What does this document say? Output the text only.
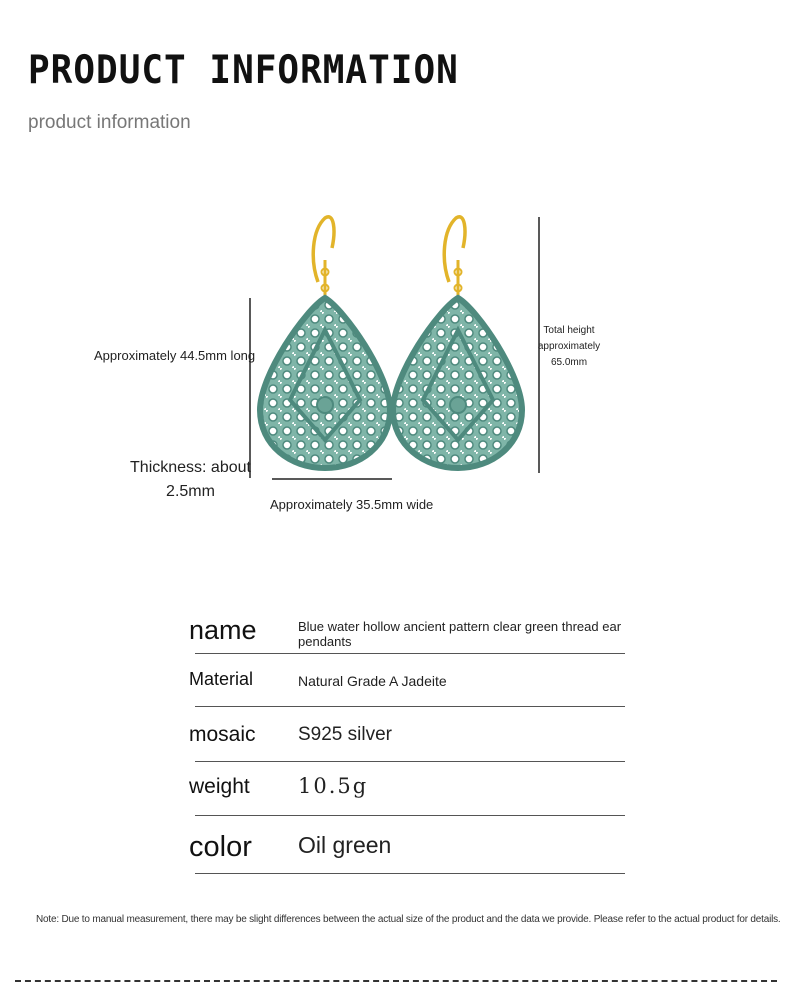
PRODUCT INFORMATION

product information

Approximately 44.5mm long
Thickness: about 2.5mm
Approximately 35.5mm wide
Total height approximately 65.0mm
name	Blue water hollow ancient pattern clear green thread ear pendants
Material	Natural Grade A Jadeite
mosaic S925 silver
weight 10.5g
color Oil green
Note: Due to manual measurement, there may be slight differences between the actual size of the product and the data we provide. Please refer to the actual product for details.
